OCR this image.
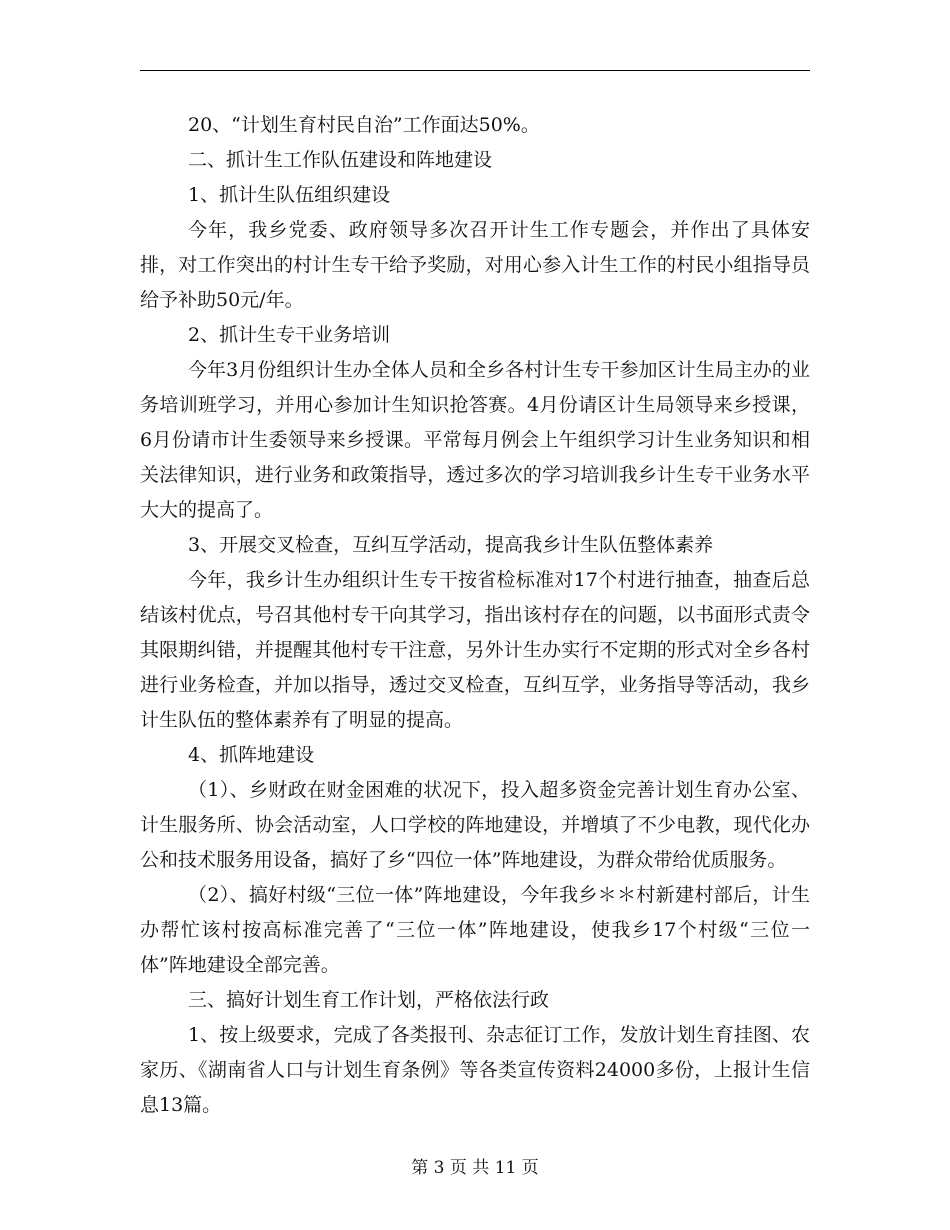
20、“计划生育村民自治”工作面达50%。

二、抓计生工作队伍建设和阵地建设

1、抓计生队伍组织建设

今年，我乡党委、政府领导多次召开计生工作专题会，并作出了具体安排，对工作突出的村计生专干给予奖励，对用心参入计生工作的村民小组指导员给予补助50元/年。

2、抓计生专干业务培训

今年3月份组织计生办全体人员和全乡各村计生专干参加区计生局主办的业务培训班学习，并用心参加计生知识抢答赛。4月份请区计生局领导来乡授课，6月份请市计生委领导来乡授课。平常每月例会上午组织学习计生业务知识和相关法律知识，进行业务和政策指导，透过多次的学习培训我乡计生专干业务水平大大的提高了。

3、开展交叉检查，互纠互学活动，提高我乡计生队伍整体素养

今年，我乡计生办组织计生专干按省检标准对17个村进行抽查，抽查后总结该村优点，号召其他村专干向其学习，指出该村存在的问题，以书面形式责令其限期纠错，并提醒其他村专干注意，另外计生办实行不定期的形式对全乡各村进行业务检查，并加以指导，透过交叉检查，互纠互学，业务指导等活动，我乡计生队伍的整体素养有了明显的提高。

4、抓阵地建设

（1）、乡财政在财金困难的状况下，投入超多资金完善计划生育办公室、计生服务所、协会活动室，人口学校的阵地建设，并增填了不少电教，现代化办公和技术服务用设备，搞好了乡“四位一体”阵地建设，为群众带给优质服务。

（2）、搞好村级“三位一体”阵地建设，今年我乡＊＊村新建村部后，计生办帮忙该村按高标准完善了“三位一体”阵地建设，使我乡17个村级“三位一体”阵地建设全部完善。

三、搞好计划生育工作计划，严格依法行政

1、按上级要求，完成了各类报刊、杂志征订工作，发放计划生育挂图、农家历、《湖南省人口与计划生育条例》等各类宣传资料24000多份，上报计生信息13篇。

第 3 页 共 11 页
